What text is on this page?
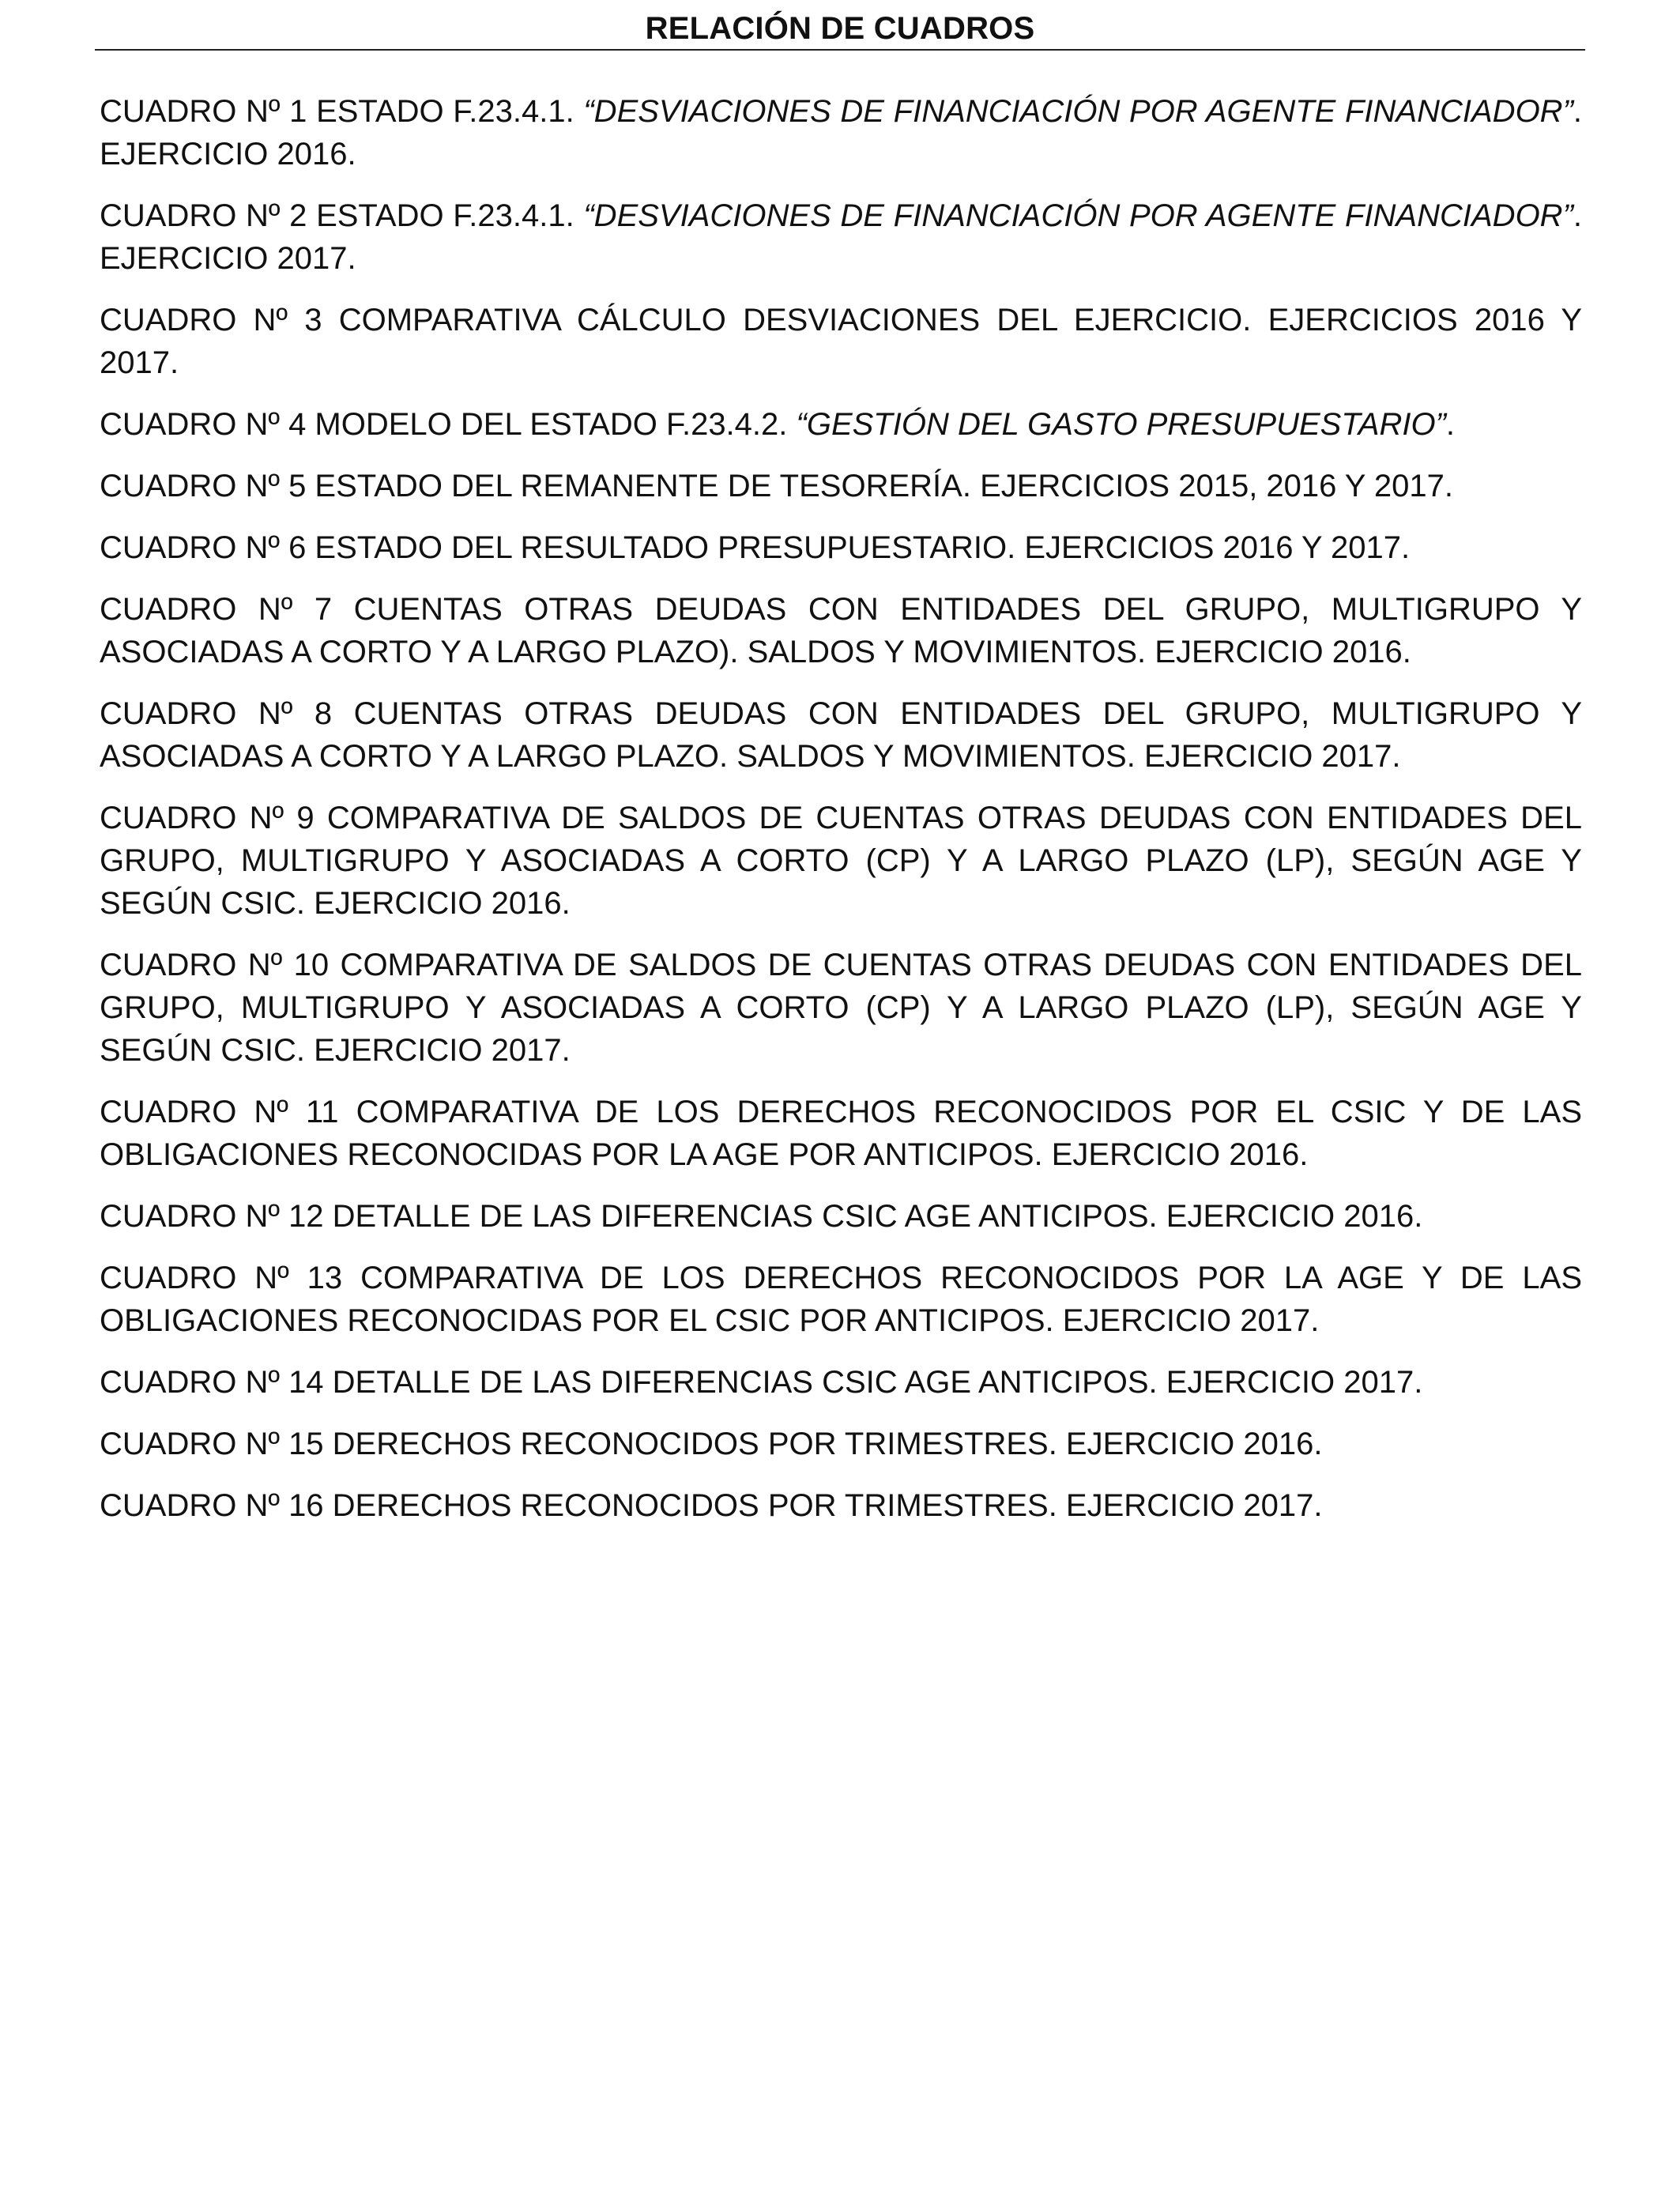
RELACIÓN DE CUADROS

CUADRO Nº 1 ESTADO F.23.4.1. “DESVIACIONES DE FINANCIACIÓN POR AGENTE FINANCIADOR”. EJERCICIO 2016.

CUADRO Nº 2 ESTADO F.23.4.1. “DESVIACIONES DE FINANCIACIÓN POR AGENTE FINANCIADOR”. EJERCICIO 2017.

CUADRO Nº 3 COMPARATIVA CÁLCULO DESVIACIONES DEL EJERCICIO. EJERCICIOS 2016 Y 2017.

CUADRO Nº 4 MODELO DEL ESTADO F.23.4.2. “GESTIÓN DEL GASTO PRESUPUESTARIO”.

CUADRO Nº 5 ESTADO DEL REMANENTE DE TESORERÍA. EJERCICIOS 2015, 2016 Y 2017.

CUADRO Nº 6 ESTADO DEL RESULTADO PRESUPUESTARIO. EJERCICIOS 2016 Y 2017.

CUADRO Nº 7 CUENTAS OTRAS DEUDAS CON ENTIDADES DEL GRUPO, MULTIGRUPO Y ASOCIADAS A CORTO Y A LARGO PLAZO). SALDOS Y MOVIMIENTOS. EJERCICIO 2016.

CUADRO Nº 8 CUENTAS OTRAS DEUDAS CON ENTIDADES DEL GRUPO, MULTIGRUPO Y ASOCIADAS A CORTO Y A LARGO PLAZO. SALDOS Y MOVIMIENTOS. EJERCICIO 2017.

CUADRO Nº 9 COMPARATIVA DE SALDOS DE CUENTAS OTRAS DEUDAS CON ENTIDADES DEL GRUPO, MULTIGRUPO Y ASOCIADAS A CORTO (CP) Y A LARGO PLAZO (LP), SEGÚN AGE Y SEGÚN CSIC. EJERCICIO 2016.

CUADRO Nº 10 COMPARATIVA DE SALDOS DE CUENTAS OTRAS DEUDAS CON ENTIDADES DEL GRUPO, MULTIGRUPO Y ASOCIADAS A CORTO (CP) Y A LARGO PLAZO (LP), SEGÚN AGE Y SEGÚN CSIC. EJERCICIO 2017.

CUADRO Nº 11 COMPARATIVA DE LOS DERECHOS RECONOCIDOS POR EL CSIC Y DE LAS OBLIGACIONES RECONOCIDAS POR LA AGE POR ANTICIPOS. EJERCICIO 2016.

CUADRO Nº 12 DETALLE DE LAS DIFERENCIAS CSIC AGE ANTICIPOS. EJERCICIO 2016.

CUADRO Nº 13 COMPARATIVA DE LOS DERECHOS RECONOCIDOS POR LA AGE Y DE LAS OBLIGACIONES RECONOCIDAS POR EL CSIC POR ANTICIPOS. EJERCICIO 2017.

CUADRO Nº 14 DETALLE DE LAS DIFERENCIAS CSIC AGE ANTICIPOS. EJERCICIO 2017.

CUADRO Nº 15 DERECHOS RECONOCIDOS POR TRIMESTRES. EJERCICIO 2016.

CUADRO Nº 16 DERECHOS RECONOCIDOS POR TRIMESTRES. EJERCICIO 2017.
